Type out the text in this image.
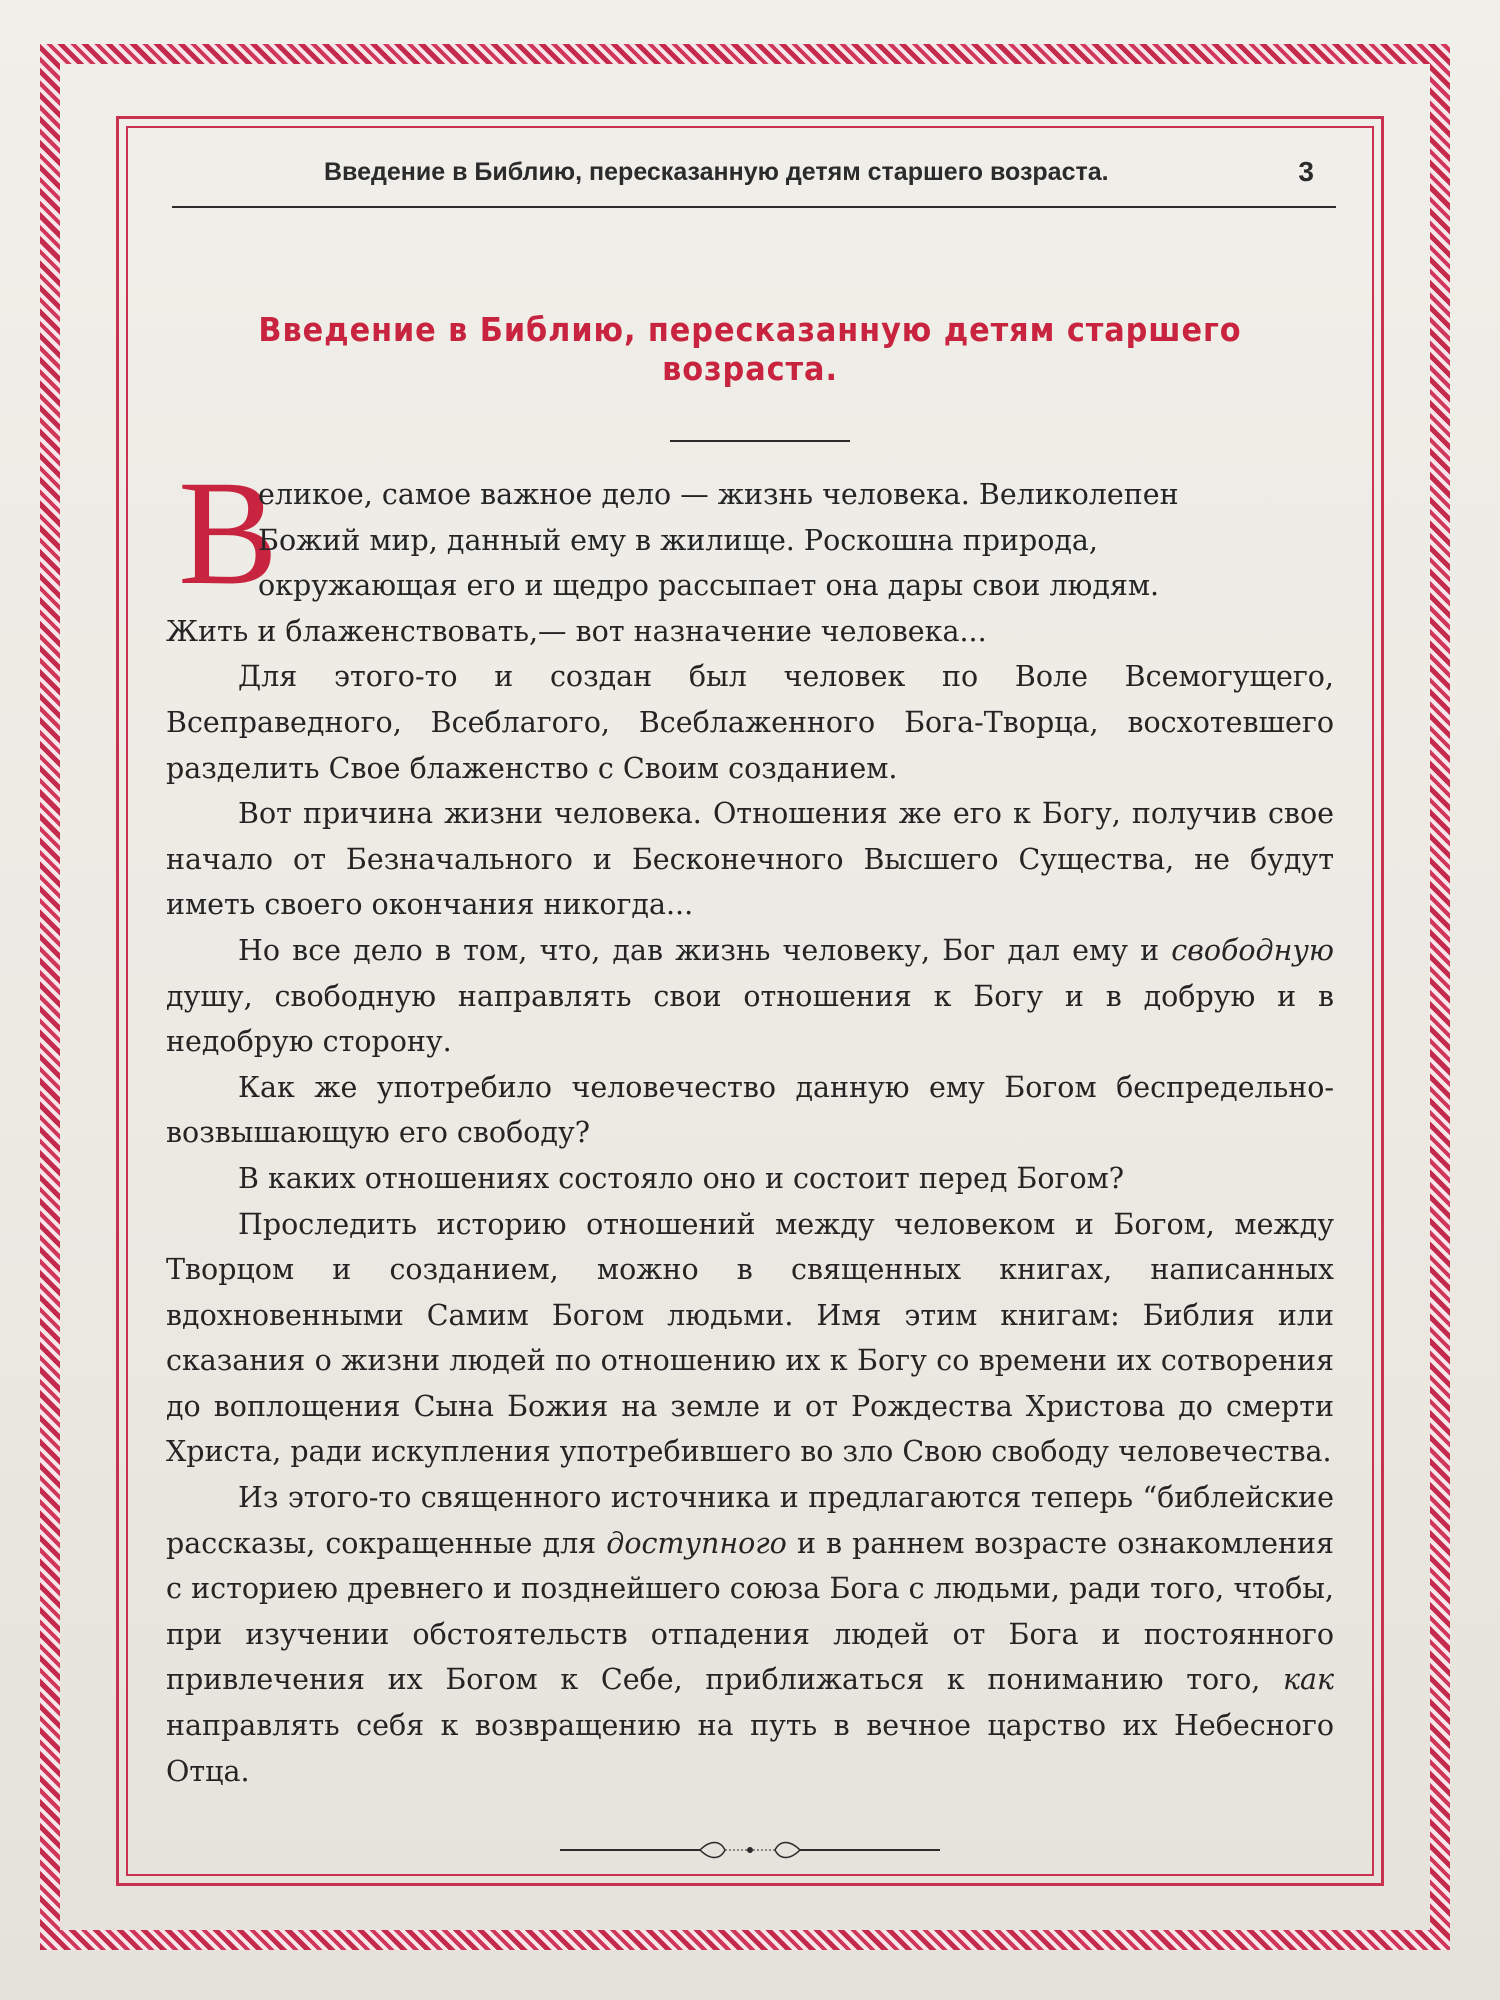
Введение в Библию, пересказанную детям старшего возраста.	3
Введение в Библию, пересказанную детям старшего возраста.
В

еликое, самое важное дело — жизнь человека. Великолепен
Божий мир, данный ему в жилище. Роскошна природа,
окружающая его и щедро рассыпает она дары свои людям.
Жить и блаженствовать,— вот назначение человека...

Для этого-то и создан был человек по Воле Всемогущего, Всеправедного, Всеблагого, Всеблаженного Бога-Творца, восхотевшего разделить Свое блаженство с Своим созданием.

Вот причина жизни человека. Отношения же его к Богу, получив свое начало от Безначального и Бесконечного Высшего Существа, не будут иметь своего окончания никогда...

Но все дело в том, что, дав жизнь человеку, Бог дал ему и свободную душу, свободную направлять свои отношения к Богу и в добрую и в недобрую сторону.

Как же употребило человечество данную ему Богом беспредельно-возвышающую его свободу?

В каких отношениях состояло оно и состоит перед Богом?

Проследить историю отношений между человеком и Богом, между Творцом и созданием, можно в священных книгах, написанных вдохновенными Самим Богом людьми. Имя этим книгам: Библия или сказания о жизни людей по отношению их к Богу со времени их сотворения до воплощения Сына Божия на земле и от Рождества Христова до смерти Христа, ради искупления употребившего во зло Свою свободу человечества.

Из этого-то священного источника и предлагаются теперь “библейские рассказы, сокращенные для доступного и в раннем возрасте ознакомления с историею древнего и позднейшего союза Бога с людьми, ради того, чтобы, при изучении обстоятельств отпадения людей от Бога и постоянного привлечения их Богом к Себе, приближаться к пониманию того, как направлять себя к возвращению на путь в вечное царство их Небесного Отца.
